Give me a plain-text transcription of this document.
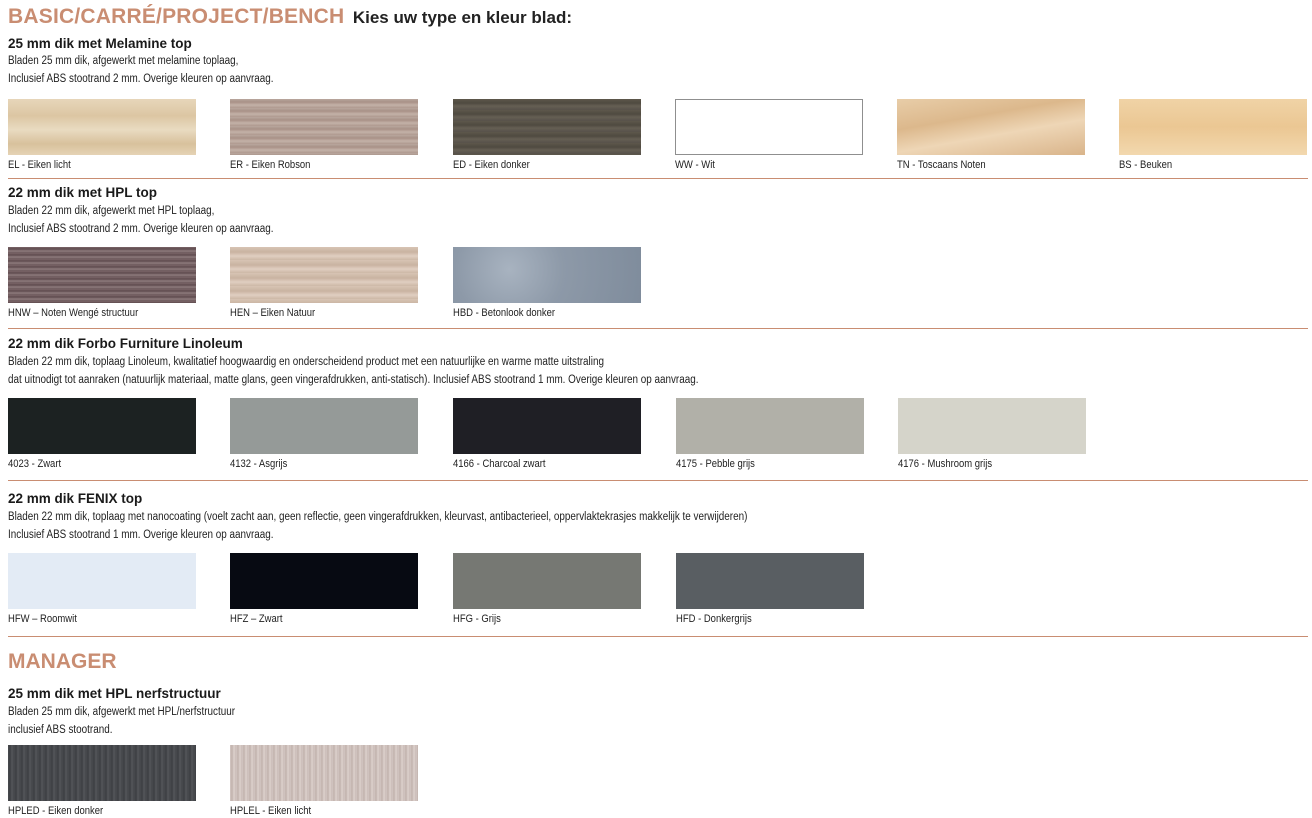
BASIC/CARRÉ/PROJECT/BENCH Kies uw type en kleur blad:
25 mm dik met Melamine top
Bladen 25 mm dik, afgewerkt met melamine toplaag,
Inclusief ABS stootrand 2 mm. Overige kleuren op aanvraag.
EL - Eiken licht	ER - Eiken Robson	ED - Eiken donker	WW - Wit	TN - Toscaans Noten	BS - Beuken
22 mm dik met HPL top
Bladen 22 mm dik, afgewerkt met HPL toplaag,
Inclusief ABS stootrand 2 mm. Overige kleuren op aanvraag.
HNW – Noten Wengé structuur	HEN – Eiken Natuur	HBD - Betonlook donker
22 mm dik Forbo Furniture Linoleum
Bladen 22 mm dik, toplaag Linoleum, kwalitatief hoogwaardig en onderscheidend product met een natuurlijke en warme matte uitstraling
dat uitnodigt tot aanraken (natuurlijk materiaal, matte glans, geen vingerafdrukken, anti-statisch). Inclusief ABS stootrand 1 mm. Overige kleuren op aanvraag.
4023 - Zwart	4132 - Asgrijs	4166 - Charcoal zwart	4175 - Pebble grijs	4176 - Mushroom grijs
22 mm dik FENIX top
Bladen 22 mm dik, toplaag met nanocoating (voelt zacht aan, geen reflectie, geen vingerafdrukken, kleurvast, antibacterieel, oppervlaktekrasjes makkelijk te verwijderen)
Inclusief ABS stootrand 1 mm. Overige kleuren op aanvraag.
HFW – Roomwit	HFZ – Zwart	HFG - Grijs	HFD - Donkergrijs
MANAGER
25 mm dik met HPL nerfstructuur
Bladen 25 mm dik, afgewerkt met HPL/nerfstructuur
inclusief ABS stootrand.
HPLED - Eiken donker	HPLEL - Eiken licht
